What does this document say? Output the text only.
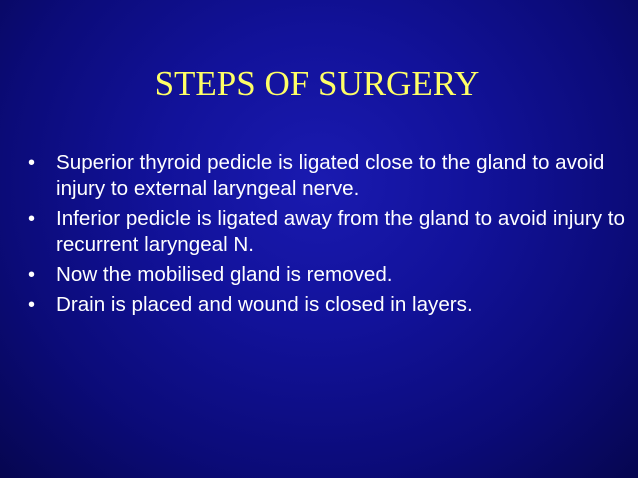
STEPS OF SURGERY
• Superior thyroid pedicle is ligated close to the gland to avoid injury to external laryngeal nerve.
• Inferior pedicle is ligated away from the gland to avoid injury to recurrent laryngeal N.
• Now the mobilised gland is removed.
• Drain is placed and wound is closed in layers.
